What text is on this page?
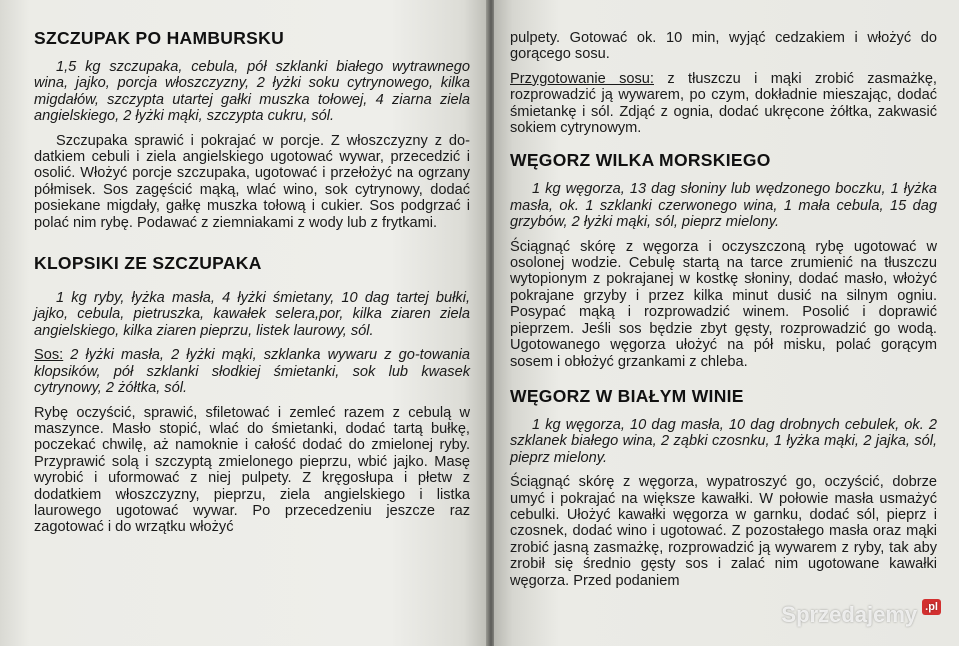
SZCZUPAK PO HAMBURSKU

1,5 kg szczupaka, cebula, pół szklanki białego wytrawnego wina, jajko, porcja włoszczyzny, 2 łyżki soku cytrynowego, kilka migdałów, szczypta utartej gałki muszka tołowej, 4 ziarna ziela angielskiego, 2 łyżki mąki, szczypta cukru, sól.

Szczupaka sprawić i pokrajać w porcje. Z włoszczyzny z do-datkiem cebuli i ziela angielskiego ugotować wywar, przecedzić i osolić. Włożyć porcje szczupaka, ugotować i przełożyć na ogrzany półmisek. Sos zagęścić mąką, wlać wino, sok cytrynowy, dodać posiekane migdały, gałkę muszka tołową i cukier. Sos podgrzać i polać nim rybę. Podawać z ziemniakami z wody lub z frytkami.

KLOPSIKI ZE SZCZUPAKA

1 kg ryby, łyżka masła, 4 łyżki śmietany, 10 dag tartej bułki, jajko, cebula, pietruszka, kawałek selera,por, kilka ziaren ziela angielskiego, kilka ziaren pieprzu, listek laurowy, sól.

Sos: 2 łyżki masła, 2 łyżki mąki, szklanka wywaru z go-towania klopsików, pół szklanki słodkiej śmietanki, sok lub kwasek cytrynowy, 2 żółtka, sól.

Rybę oczyścić, sprawić, sfiletować i zemleć razem z cebulą w maszynce. Masło stopić, wlać do śmietanki, dodać tartą bułkę, poczekać chwilę, aż namoknie i całość dodać do zmielonej ryby. Przyprawić solą i szczyptą zmielonego pieprzu, wbić jajko. Masę wyrobić i uformować z niej pulpety. Z kręgosłupa i płetw z dodatkiem włoszczyzny, pieprzu, ziela angielskiego i listka laurowego ugotować wywar. Po przecedzeniu jeszcze raz zagotować i do wrzątku włożyć

pulpety. Gotować ok. 10 min, wyjąć cedzakiem i włożyć do gorącego sosu.

Przygotowanie sosu: z tłuszczu i mąki zrobić zasmażkę, rozprowadzić ją wywarem, po czym, dokładnie mieszając, dodać śmietankę i sól. Zdjąć z ognia, dodać ukręcone żółtka, zakwasić sokiem cytrynowym.

WĘGORZ WILKA MORSKIEGO

1 kg węgorza, 13 dag słoniny lub wędzonego boczku, 1 łyżka masła, ok. 1 szklanki czerwonego wina, 1 mała cebula, 15 dag grzybów, 2 łyżki mąki, sól, pieprz mielony.

Ściągnąć skórę z węgorza i oczyszczoną rybę ugotować w osolonej wodzie. Cebulę startą na tarce zrumienić na tłuszczu wytopionym z pokrajanej w kostkę słoniny, dodać masło, włożyć pokrajane grzyby i przez kilka minut dusić na silnym ogniu. Posypać mąką i rozprowadzić winem. Posolić i doprawić pieprzem. Jeśli sos będzie zbyt gęsty, rozprowadzić go wodą. Ugotowanego węgorza ułożyć na pół misku, polać gorącym sosem i obłożyć grzankami z chleba.

WĘGORZ W BIAŁYM WINIE

1 kg węgorza, 10 dag masła, 10 dag drobnych cebulek, ok. 2 szklanek białego wina, 2 ząbki czosnku, 1 łyżka mąki, 2 jajka, sól, pieprz mielony.

Ściągnąć skórę z węgorza, wypatroszyć go, oczyścić, dobrze umyć i pokrajać na większe kawałki. W połowie masła usmażyć cebulki. Ułożyć kawałki węgorza w garnku, dodać sól, pieprz i czosnek, dodać wino i ugotować. Z pozostałego masła oraz mąki zrobić jasną zasmażkę, rozprowadzić ją wywarem z ryby, tak aby zrobił się średnio gęsty sos i zalać nim ugotowane kawałki węgorza. Przed podaniem

Sprzedajemy .pl
